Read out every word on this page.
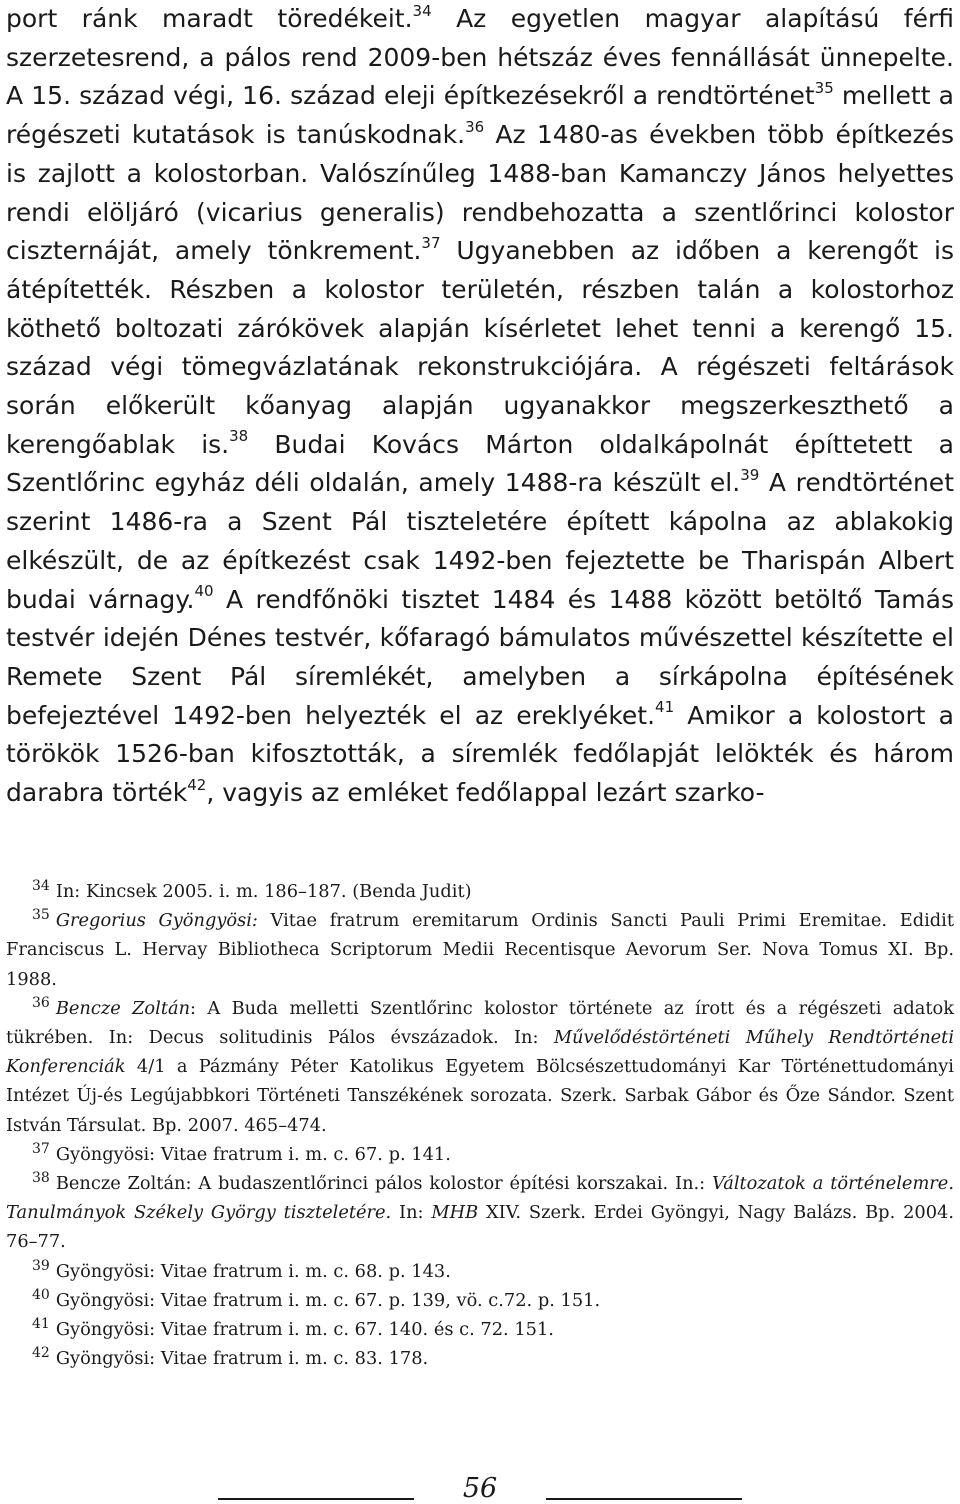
port ránk maradt töredékeit.$^{34}$ Az egyetlen magyar alapítású férfi szerzetesrend, a pálos rend 2009-ben hétszáz éves fennállását ünnepelte. A 15. század végi, 16. század eleji építkezésekről a rendtörténet$^{35}$ mellett a régészeti kutatások is tanúskodnak.$^{36}$ Az 1480-as években több építkezés is zajlott a kolostorban. Valószínűleg 1488-ban Kamanczy János helyettes rendi elöljáró (vicarius generalis) rendbehozatta a szentlőrinci kolostor ciszternáját, amely tönkrement.$^{37}$ Ugyanebben az időben a kerengőt is átépítették. Részben a kolostor területén, részben talán a kolostorhoz köthető boltozati zárókövek alapján kísérletet lehet tenni a kerengő 15. század végi tömegvázlatának rekonstrukciójára. A régészeti feltárások során előkerült kőanyag alapján ugyanakkor megszerkeszthető a kerengőablak is.$^{38}$ Budai Kovács Márton oldalkápolnát építtetett a Szentlőrinc egyház déli oldalán, amely 1488-ra készült el.$^{39}$ A rendtörténet szerint 1486-ra a Szent Pál tiszteletére épített kápolna az ablakokig elkészült, de az építkezést csak 1492-ben fejeztette be Tharispán Albert budai várnagy.$^{40}$ A rendfőnöki tisztet 1484 és 1488 között betöltő Tamás testvér idején Dénes testvér, kőfaragó bámulatos művészettel készítette el Remete Szent Pál síremlékét, amelyben a sírkápolna építésének befejeztével 1492-ben helyezték el az ereklyéket.$^{41}$ Amikor a kolostort a törökök 1526-ban kifosztották, a síremlék fedőlapját lelökték és három darabra törték$^{42}$, vagyis az emléket fedőlappal lezárt szarko-

$^{34}$ In: Kincsek 2005. i. m. 186–187. (Benda Judit)

$^{35}$ Gregorius Gyöngyösi: Vitae fratrum eremitarum Ordinis Sancti Pauli Primi Eremitae. Edidit Franciscus L. Hervay Bibliotheca Scriptorum Medii Recentisque Aevorum Ser. Nova Tomus XI. Bp. 1988.

$^{36}$ Bencze Zoltán: A Buda melletti Szentlőrinc kolostor története az írott és a régészeti adatok tükrében. In: Decus solitudinis Pálos évszázadok. In: Művelődéstörténeti Műhely Rendtörténeti Konferenciák 4/1 a Pázmány Péter Katolikus Egyetem Bölcsészettudományi Kar Történettudományi Intézet Új-és Legújabbkori Történeti Tanszékének sorozata. Szerk. Sarbak Gábor és Őze Sándor. Szent István Társulat. Bp. 2007. 465–474.

$^{37}$ Gyöngyösi: Vitae fratrum i. m. c. 67. p. 141.

$^{38}$ Bencze Zoltán: A budaszentlőrinci pálos kolostor építési korszakai. In.: Változatok a történelemre. Tanulmányok Székely György tiszteletére. In: MHB XIV. Szerk. Erdei Gyöngyi, Nagy Balázs. Bp. 2004. 76–77.

$^{39}$ Gyöngyösi: Vitae fratrum i. m. c. 68. p. 143.

$^{40}$ Gyöngyösi: Vitae fratrum i. m. c. 67. p. 139, vö. c.72. p. 151.

$^{41}$ Gyöngyösi: Vitae fratrum i. m. c. 67. 140. és c. 72. 151.

$^{42}$ Gyöngyösi: Vitae fratrum i. m. c. 83. 178.

56
